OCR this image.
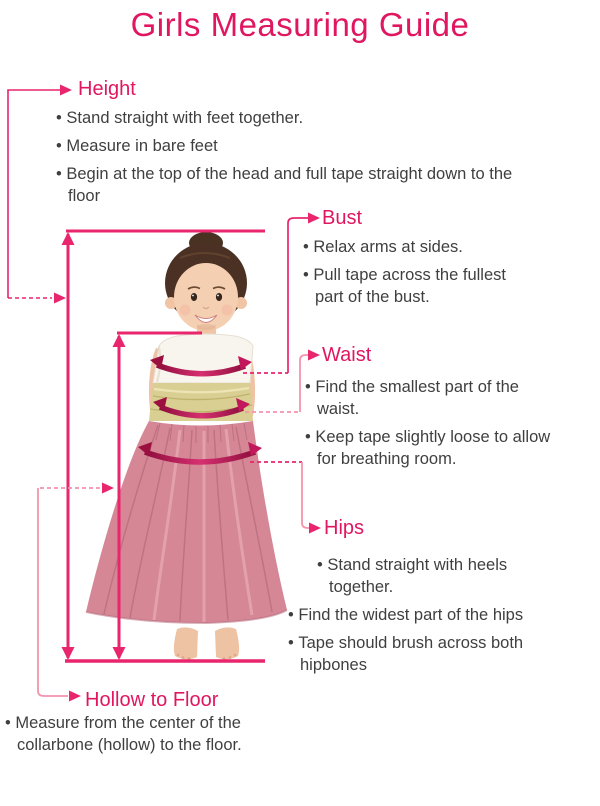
Girls Measuring Guide
Height
Bust
Waist
Hips
Hollow to Floor
• Stand straight with feet together.
• Measure in bare feet
• Begin at the top of the head and full tape straight down to the floor
• Relax arms at sides.
• Pull tape across the fullest part of the bust.
• Find the smallest part of the waist.
• Keep tape slightly loose to allow for breathing room.
• Stand straight with heels together.
• Find the widest part of the hips
• Tape should brush across both hipbones
• Measure from the center of the collarbone (hollow) to the floor.
